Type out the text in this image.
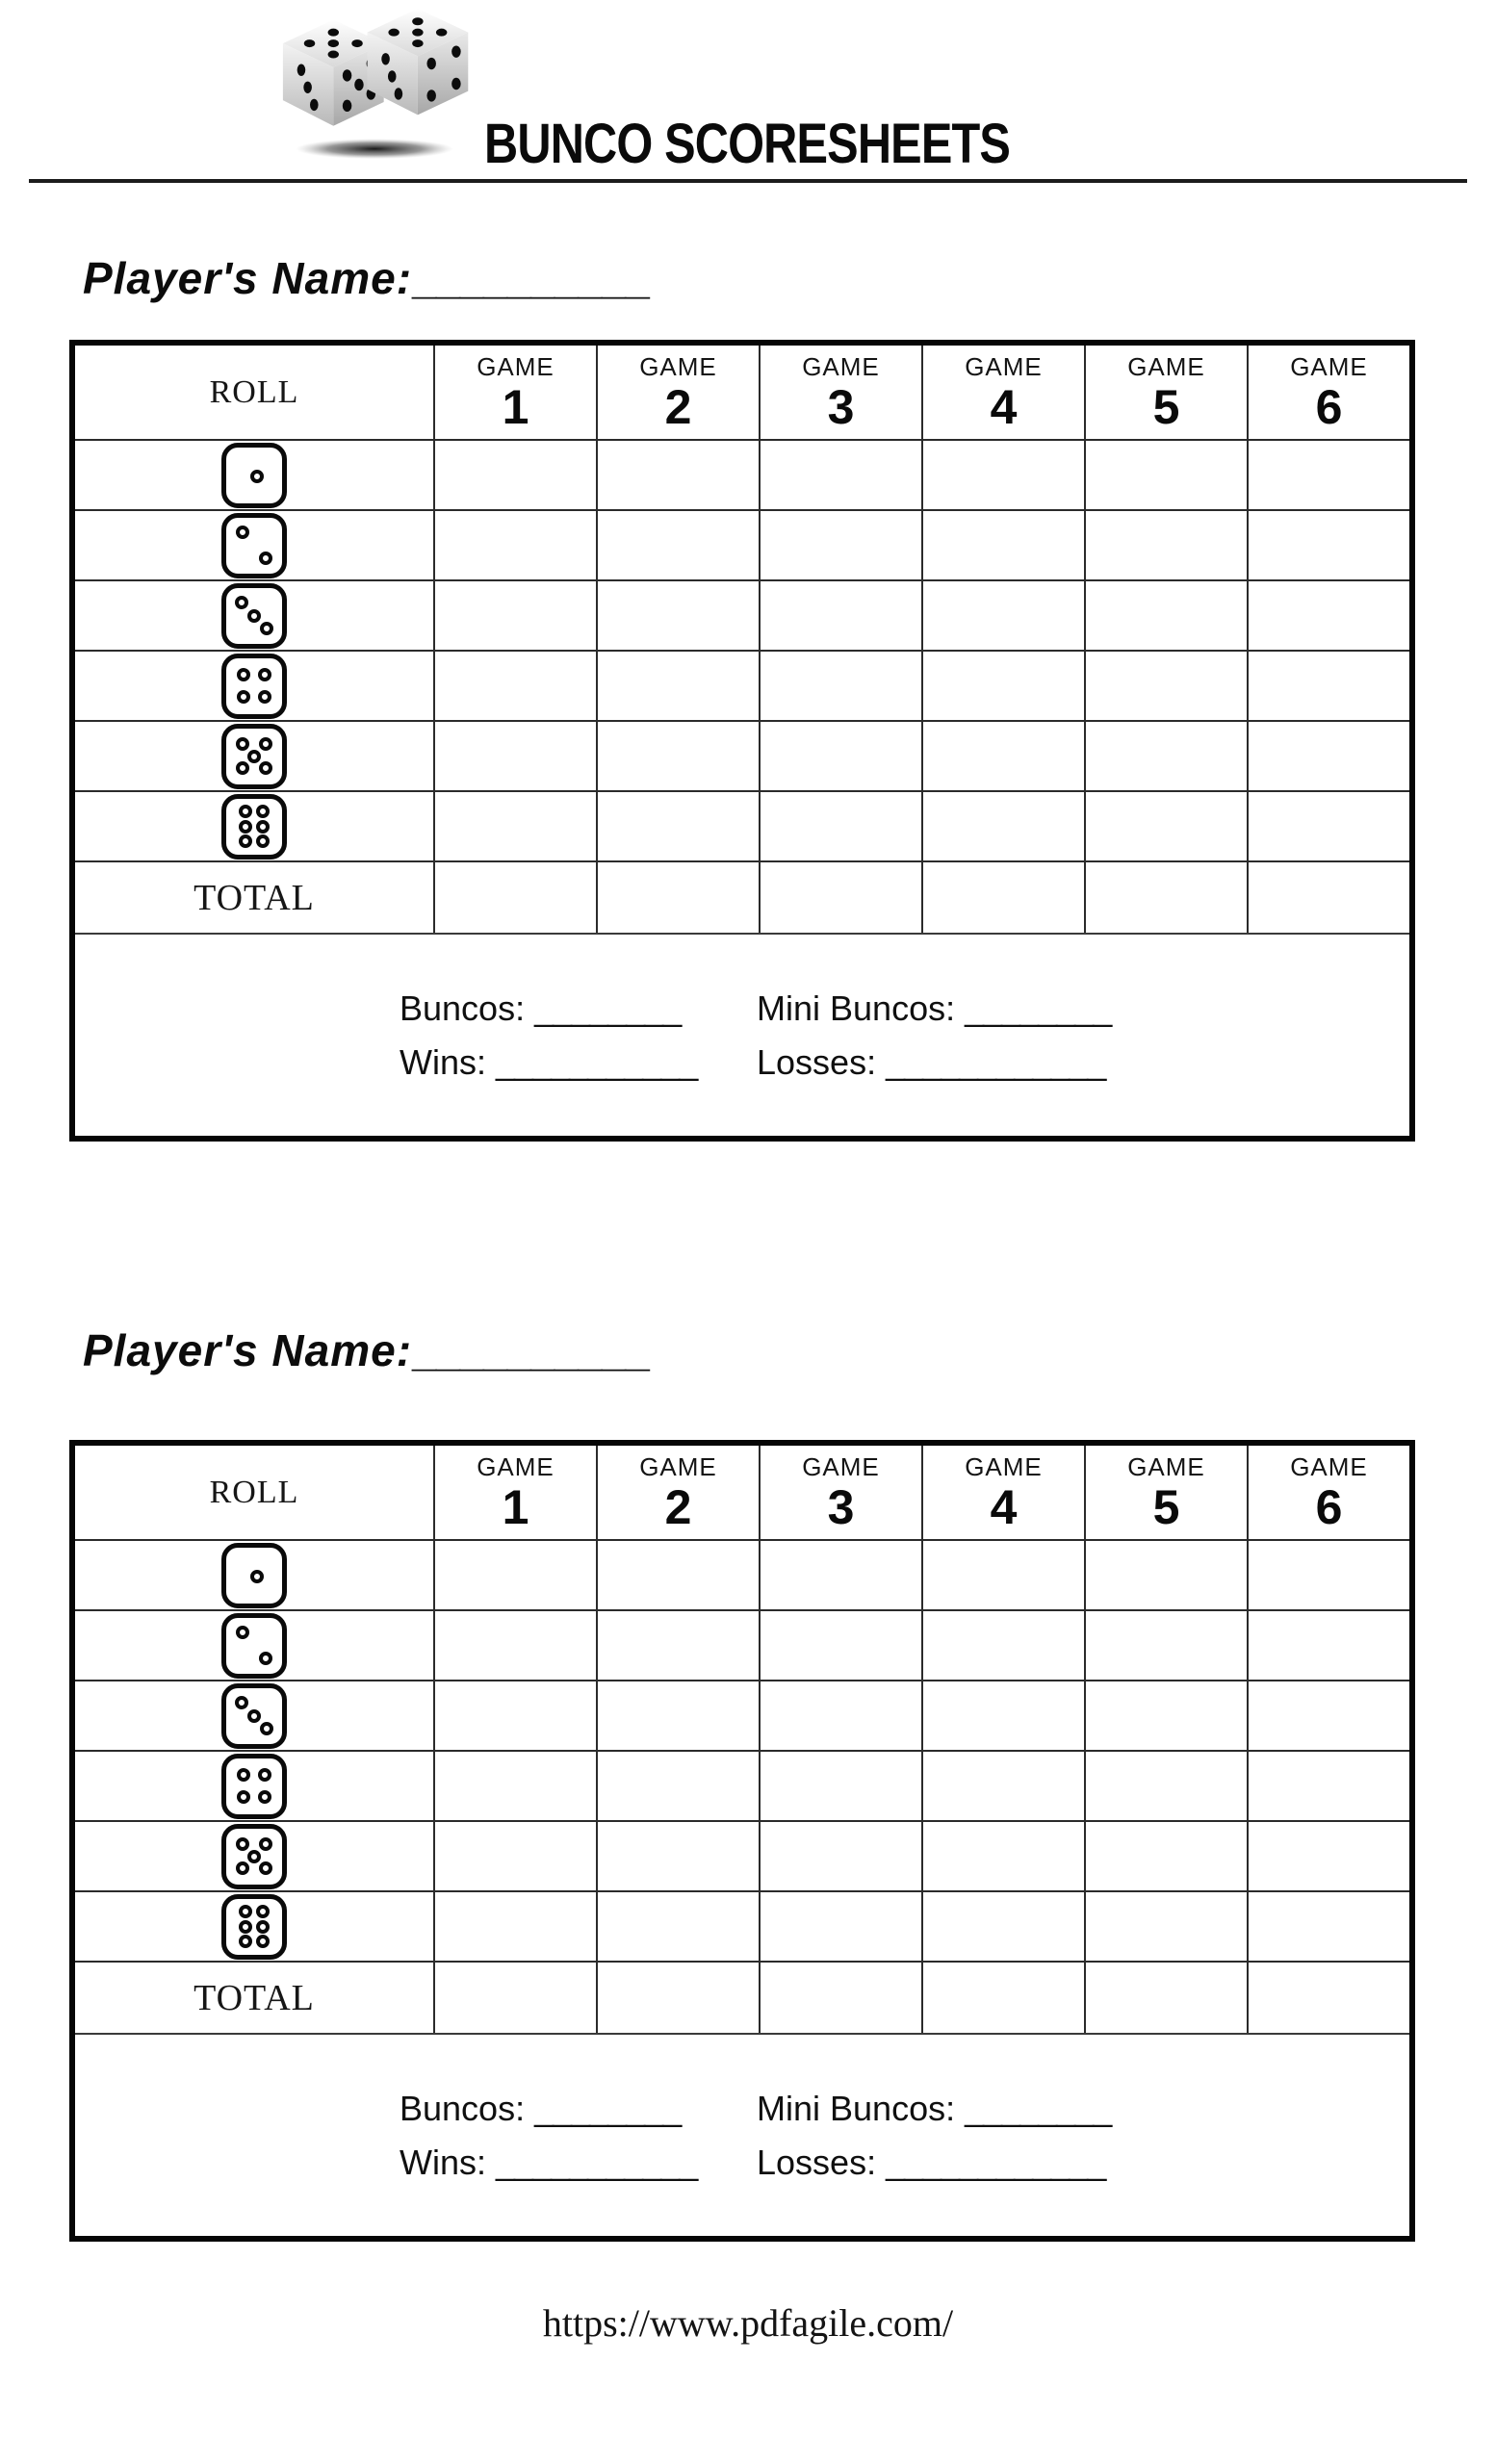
BUNCO SCORESHEETS
Player's Name:__________
ROLL
GAME
1
GAME
2
GAME
3
GAME
4
GAME
5
GAME
6
TOTAL
Buncos: ________ Mini Buncos: ________
Wins: ___________ Losses: ____________
Player's Name:__________
ROLL
GAME
1
GAME
2
GAME
3
GAME
4
GAME
5
GAME
6
TOTAL
Buncos: ________ Mini Buncos: ________
Wins: ___________ Losses: ____________
https://www.pdfagile.com/
